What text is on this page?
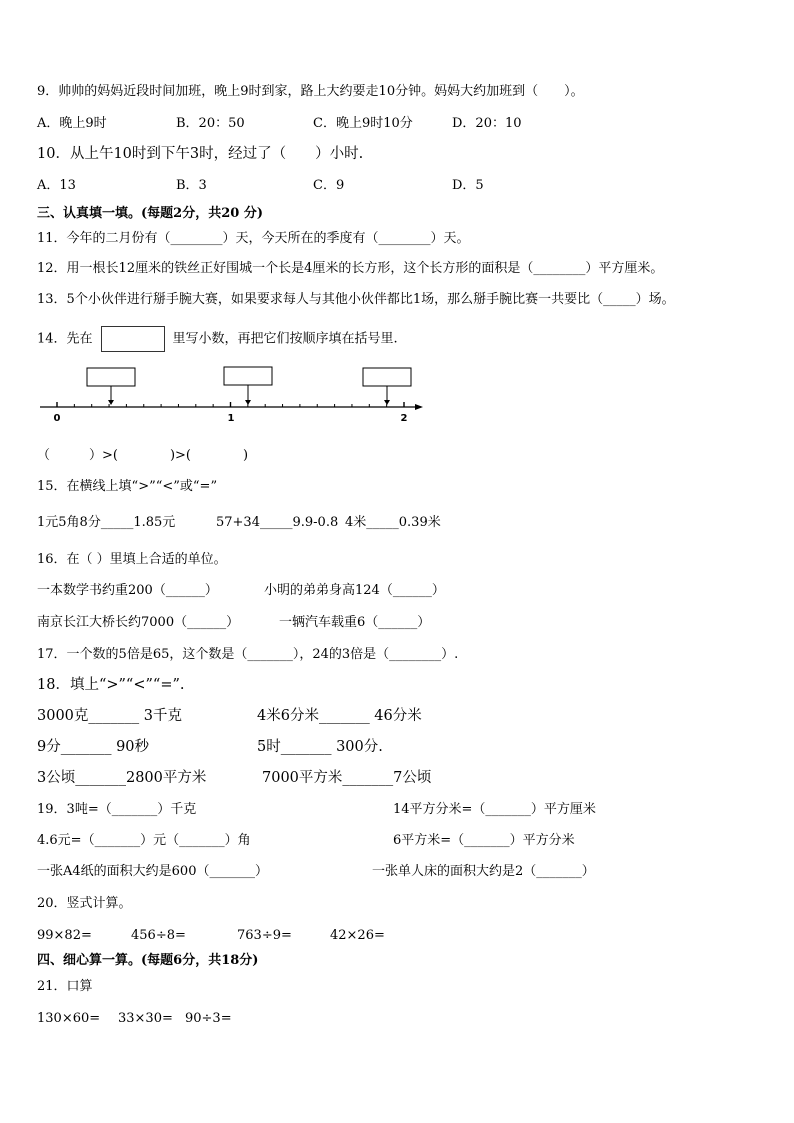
9．帅帅的妈妈近段时间加班，晚上9时到家，路上大约要走10分钟。妈妈大约加班到（　　）。
A．晚上9时	B．20：50	C．晚上9时10分	D．20：10
10．从上午10时到下午3时，经过了（　　）小时.
A．13	B．3	C．9	D．5
三、认真填一填。(每题2分，共20 分)
11．今年的二月份有（________）天，今天所在的季度有（________）天。
12．用一根长12厘米的铁丝正好围城一个长是4厘米的长方形，这个长方形的面积是（________）平方厘米。
13．5个小伙伴进行掰手腕大赛，如果要求每人与其他小伙伴都比1场，那么掰手腕比赛一共要比（_____）场。
14．先在	里写小数，再把它们按顺序填在括号里.
0	1	2
（　　　）>(　　　　)>(　　　　)
15．在横线上填“>”“<”或“=”
1元5角8分_____1.85元	57+34_____9.9-0.8 4米_____0.39米
16．在（ ）里填上合适的单位。
一本数学书约重200（______）	小明的弟弟身高124（______）
南京长江大桥长约7000（______）	一辆汽车载重6（______）
17．一个数的5倍是65，这个数是（_______），24的3倍是（________）.
18．填上“>”“<”“=”.
3000克_______ 3千克	4米6分米_______ 46分米
9分_______ 90秒	5时_______ 300分.
3公顷_______2800平方米	7000平方米_______7公顷
19．3吨=（_______）千克	14平方分米=（_______）平方厘米
4.6元=（_______）元（_______）角	6平方米=（_______）平方分米
一张A4纸的面积大约是600（_______）	一张单人床的面积大约是2（_______）
20．竖式计算。
99×82=	456÷8=	763÷9=	42×26=
四、细心算一算。(每题6分，共18分)
21．口算
130×60= 33×30= 90÷3=
